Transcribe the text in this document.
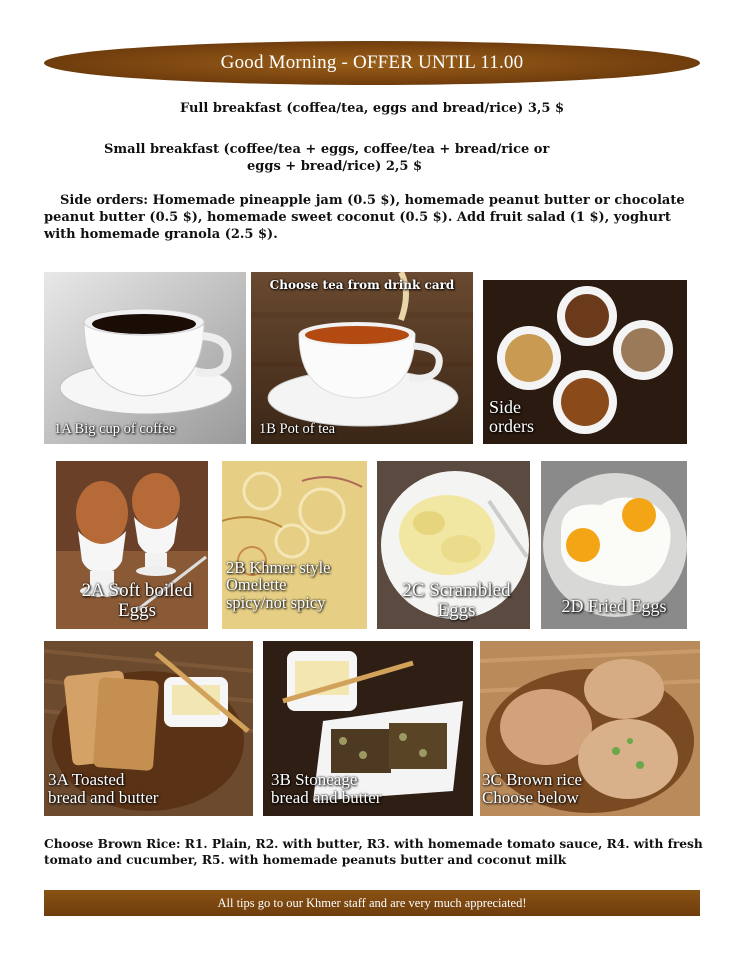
Good Morning - OFFER UNTIL 11.00
Full breakfast (coffea/tea, eggs and bread/rice) 3,5 $
Small breakfast (coffee/tea + eggs, coffee/tea + bread/rice or
eggs + bread/rice) 2,5 $
Side orders: Homemade pineapple jam (0.5 $), homemade peanut butter or chocolate peanut butter (0.5 $), homemade sweet coconut (0.5 $). Add fruit salad (1 $), yoghurt with homemade granola (2.5 $).
1A Big cup of coffee
Choose tea from drink card
1B Pot of tea
Side
orders
2A Soft boiled
Eggs
2B Khmer style
Omelette
spicy/not spicy
2C Scrambled
Eggs	2D Fried Eggs
3A Toasted
bread and butter
3B Stoneage
bread and butter
3C Brown rice
Choose below
Choose Brown Rice: R1. Plain, R2. with butter, R3. with homemade tomato sauce, R4. with fresh tomato and cucumber, R5. with homemade peanuts butter and coconut milk
All tips go to our Khmer staff and are very much appreciated!
